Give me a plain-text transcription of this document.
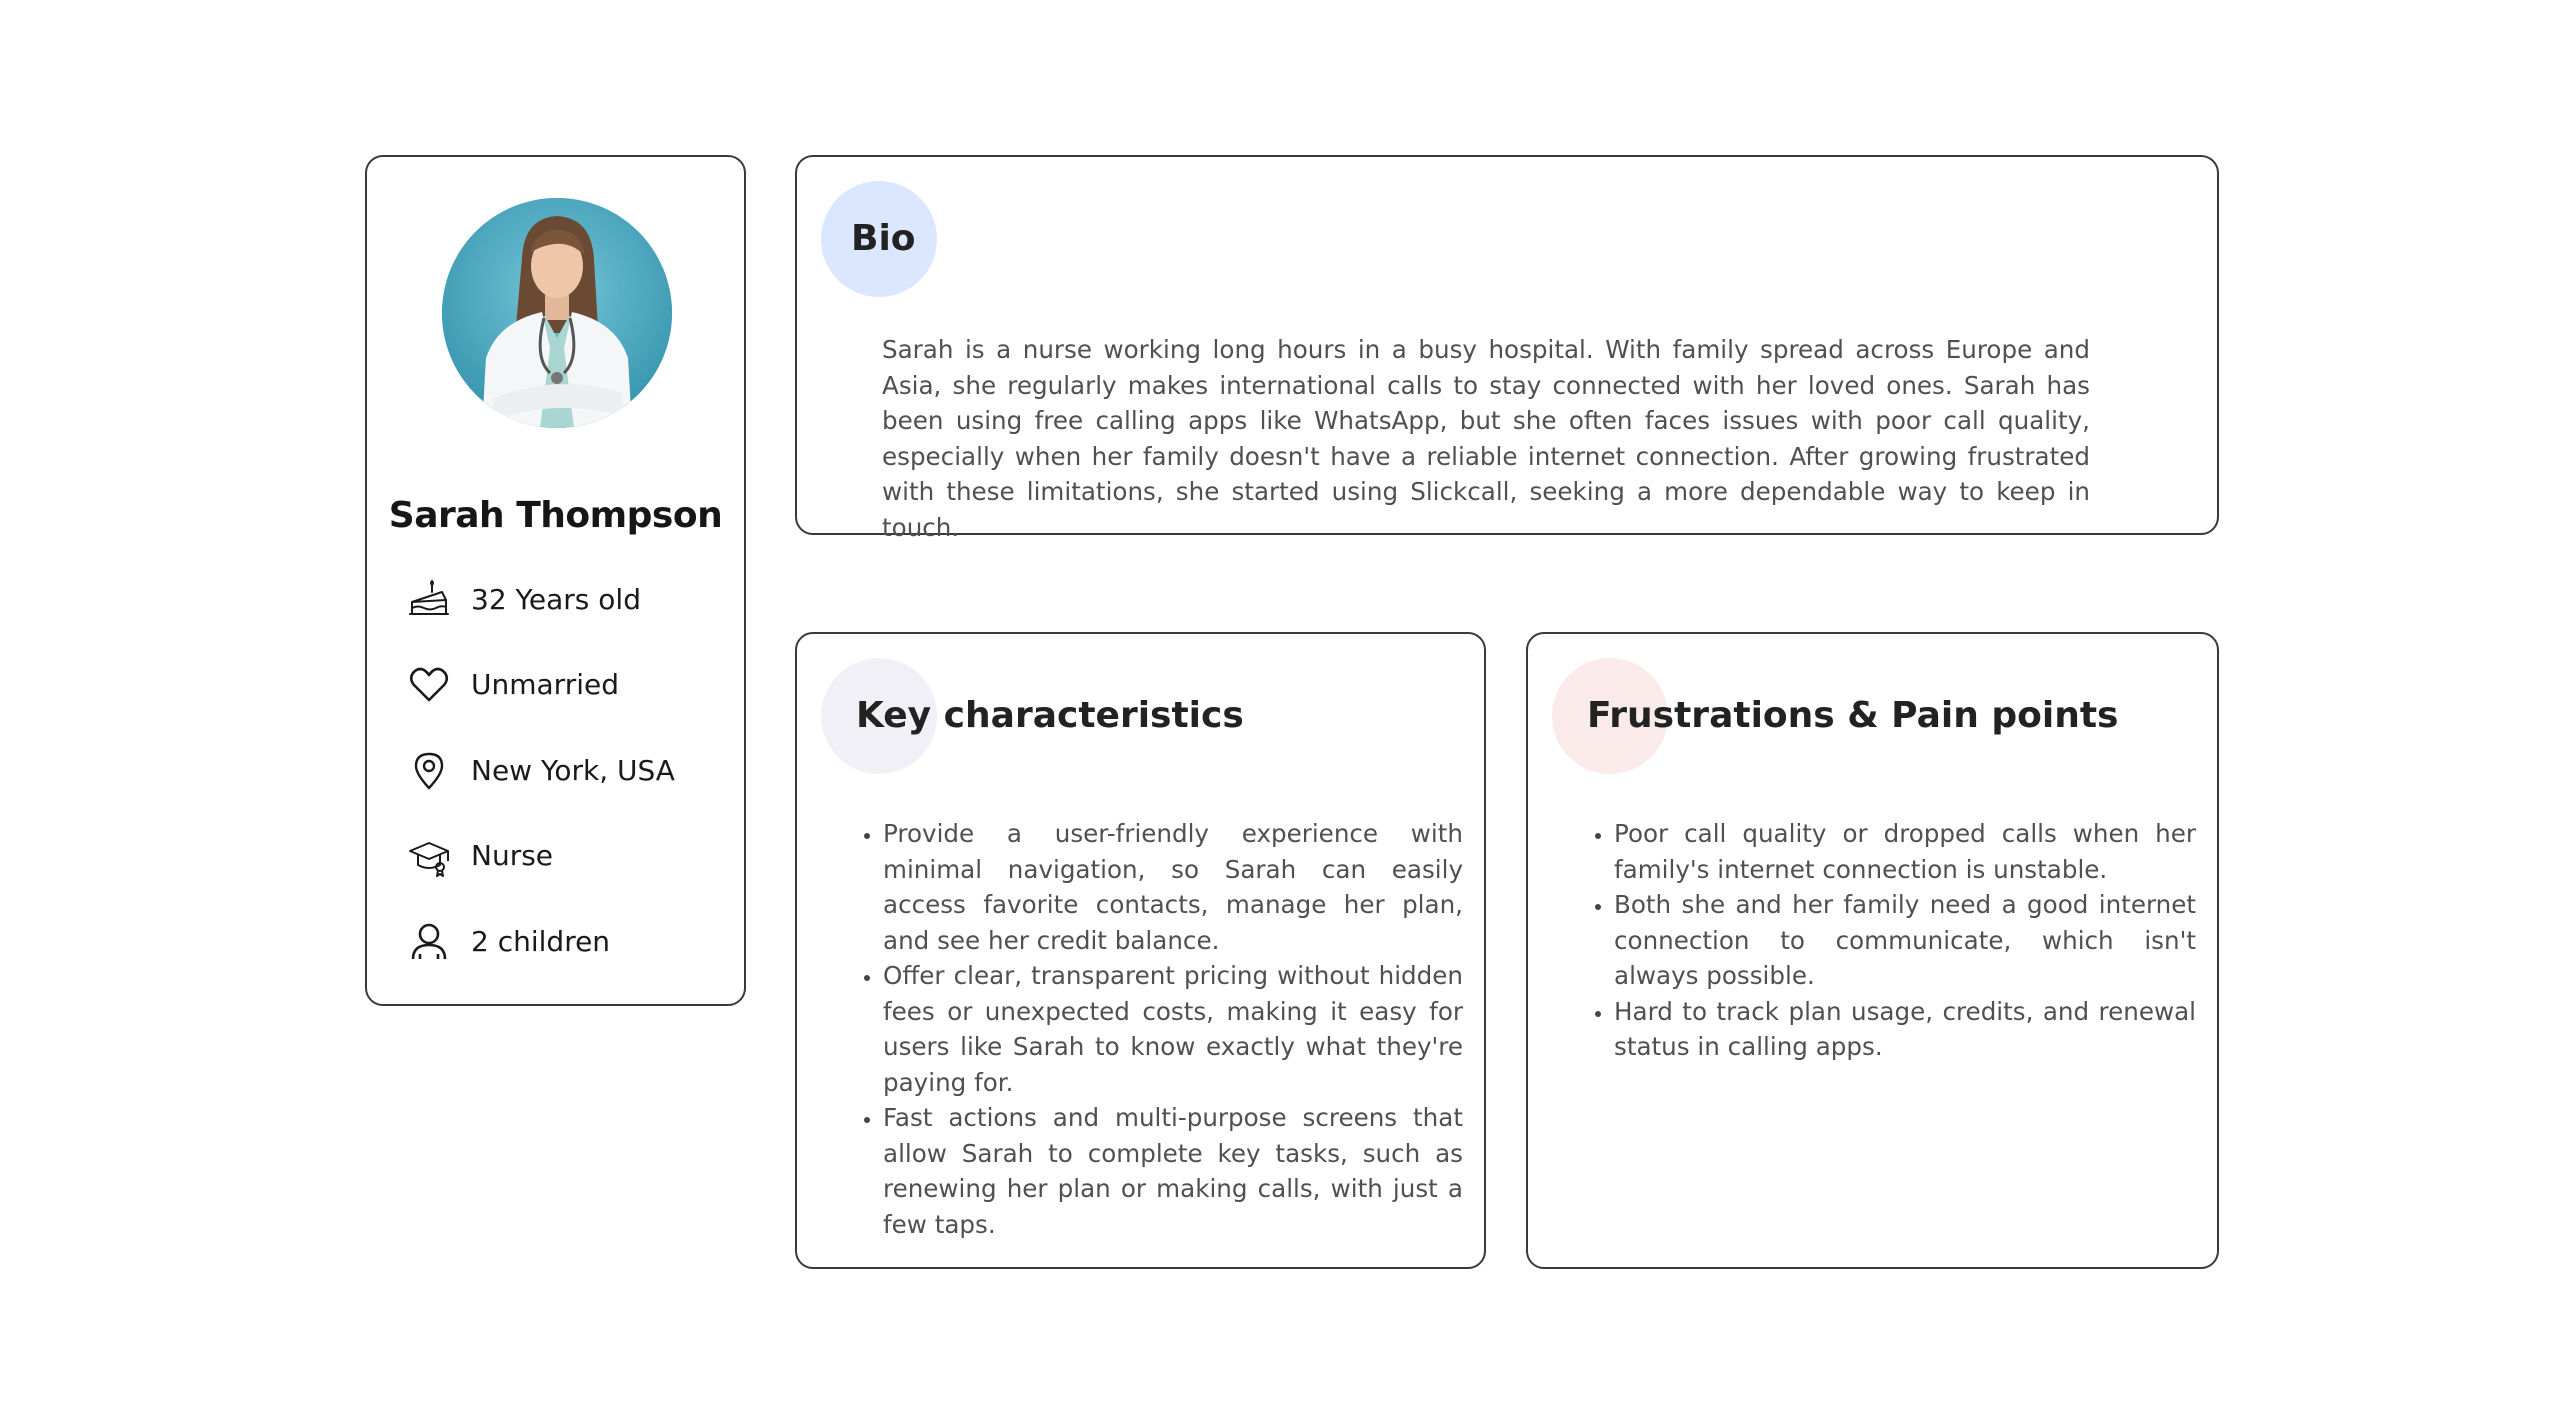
Sarah Thompson
32 Years old
Unmarried
New York, USA
Nurse
2 children
Bio

Sarah is a nurse working long hours in a busy hospital. With family spread across Europe and Asia, she regularly makes international calls to stay connected with her loved ones. Sarah has been using free calling apps like WhatsApp, but she often faces issues with poor call quality, especially when her family doesn't have a reliable internet connection. After growing frustrated with these limitations, she started using Slickcall, seeking a more dependable way to keep in touch.

Key characteristics
• Provide a user-friendly experience with minimal navigation, so Sarah can easily access favorite contacts, manage her plan, and see her credit balance.
• Offer clear, transparent pricing without hidden fees or unexpected costs, making it easy for users like Sarah to know exactly what they're paying for.
• Fast actions and multi-purpose screens that allow Sarah to complete key tasks, such as renewing her plan or making calls, with just a few taps.
Frustrations & Pain points
• Poor call quality or dropped calls when her family's internet connection is unstable.
• Both she and her family need a good internet connection to communicate, which isn't always possible.
• Hard to track plan usage, credits, and renewal status in calling apps.
